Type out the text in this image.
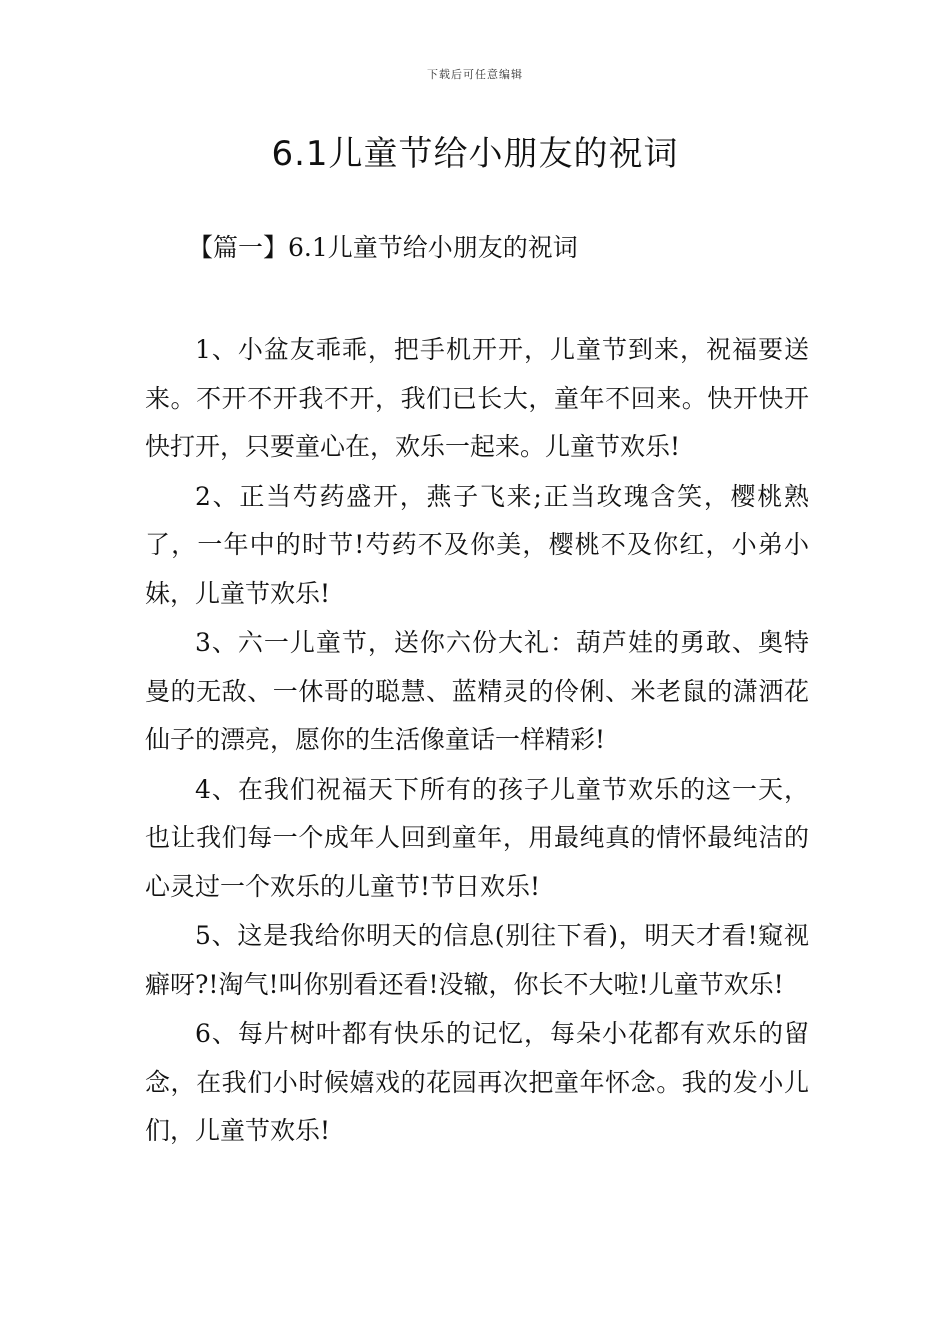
下载后可任意编辑
6.1儿童节给小朋友的祝词
【篇一】6.1儿童节给小朋友的祝词

1、小盆友乖乖，把手机开开，儿童节到来，祝福要送来。不开不开我不开，我们已长大，童年不回来。快开快开快打开，只要童心在，欢乐一起来。儿童节欢乐!

2、正当芍药盛开，燕子飞来;正当玫瑰含笑，樱桃熟了，一年中的时节!芍药不及你美，樱桃不及你红，小弟小妹，儿童节欢乐!

3、六一儿童节，送你六份大礼：葫芦娃的勇敢、奥特曼的无敌、一休哥的聪慧、蓝精灵的伶俐、米老鼠的潇洒花仙子的漂亮，愿你的生活像童话一样精彩!

4、在我们祝福天下所有的孩子儿童节欢乐的这一天，也让我们每一个成年人回到童年，用最纯真的情怀最纯洁的心灵过一个欢乐的儿童节!节日欢乐!

5、这是我给你明天的信息(别往下看)，明天才看!窥视癖呀?!淘气!叫你别看还看!没辙，你长不大啦!儿童节欢乐!

6、每片树叶都有快乐的记忆，每朵小花都有欢乐的留念，在我们小时候嬉戏的花园再次把童年怀念。我的发小儿们，儿童节欢乐!
